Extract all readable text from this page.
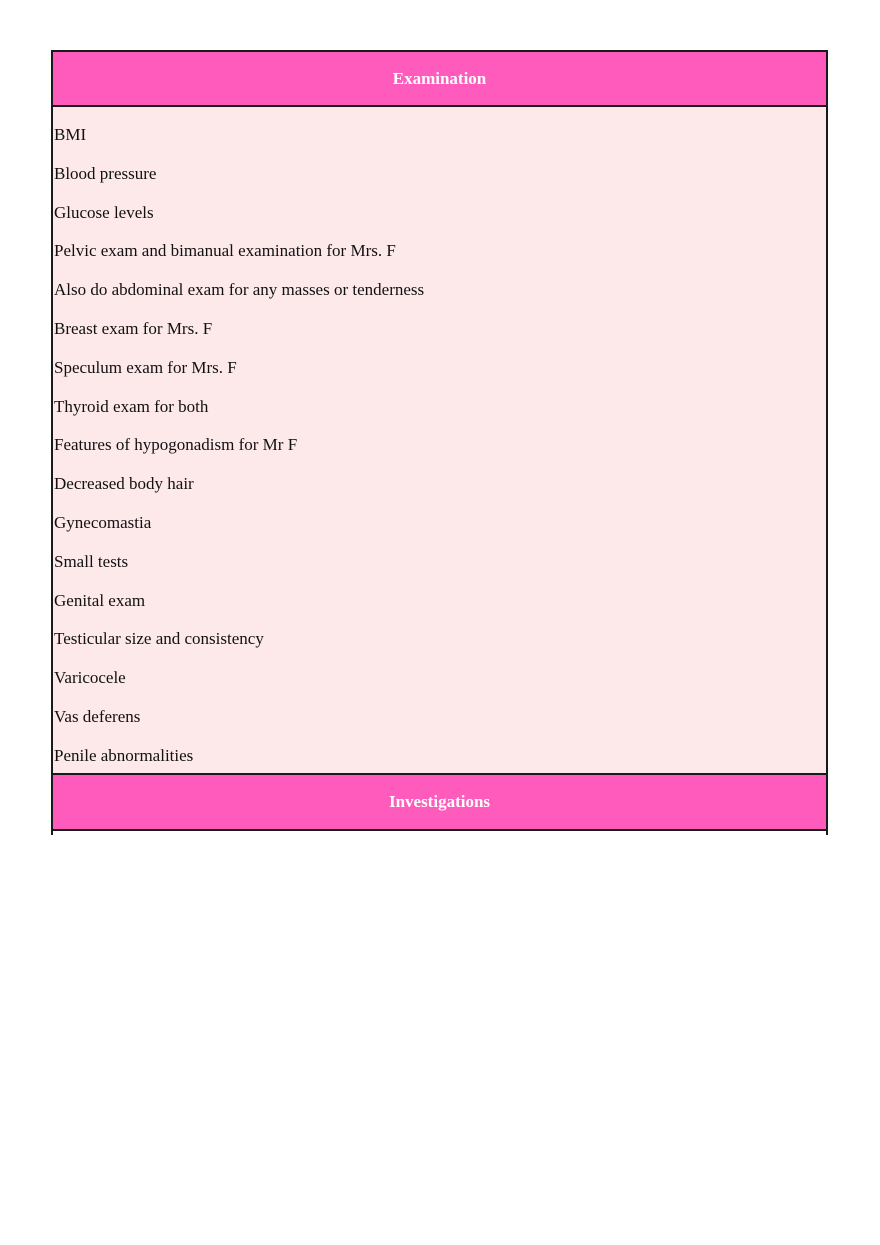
Examination
BMI
Blood pressure
Glucose levels
Pelvic exam and bimanual examination for Mrs. F
Also do abdominal exam for any masses or tenderness
Breast exam for Mrs. F
Speculum exam for Mrs. F
Thyroid exam for both
Features of hypogonadism for Mr F
Decreased body hair
Gynecomastia
Small tests
Genital exam
Testicular size and consistency
Varicocele
Vas deferens
Penile abnormalities
Investigations
